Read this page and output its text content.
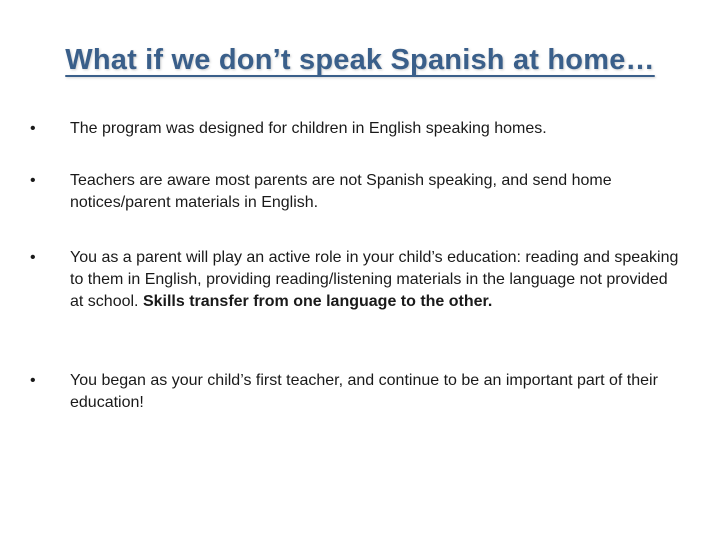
What if we don’t speak Spanish at home…
•	The program was designed for children in English speaking homes.
•	Teachers are aware most parents are not Spanish speaking, and send home notices/parent materials in English.
•	You as a parent will play an active role in your child’s education: reading and speaking to them in English, providing reading/listening materials in the language not provided at school. Skills transfer from one language to the other.
•	You began as your child’s first teacher, and continue to be an important part of their education!
